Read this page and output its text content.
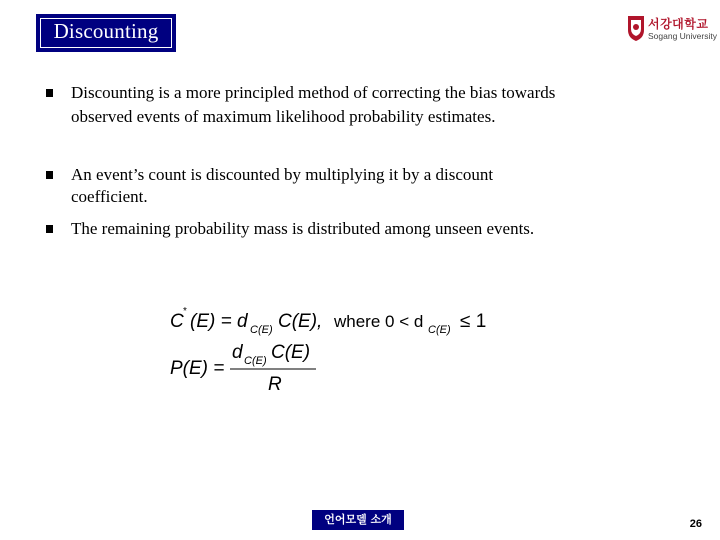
Discounting	서강대학교
Sogang University
Discounting is a more principled method of correcting the bias towards
observed events of maximum likelihood probability estimates.
An event’s count is discounted by multiplying it by a discount
coefficient.
The remaining probability mass is distributed among unseen events.
C * (E) = d C(E) C(E), where 0 < d C(E) ≤ 1
P(E) =
d C(E) C(E)
R
언어모델 소개	26
